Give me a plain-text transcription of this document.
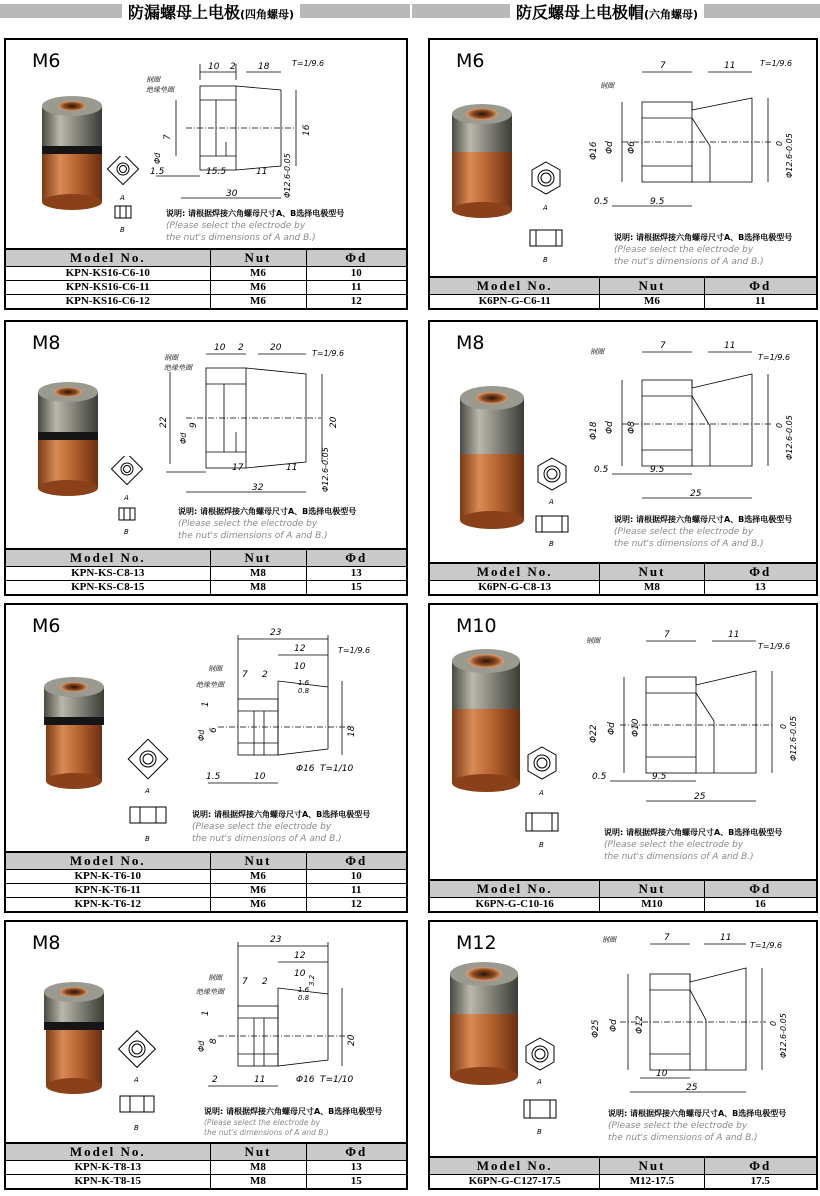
防漏螺母上电极(四角螺母)	防反螺母上电极帽(六角螺母)
M6
A
B
10 2 18	T=1/9.6
钢圈
绝缘垫圈
16
7
Φd
1.5	15.5	11
30	Φ12.6-0.05
说明: 请根据焊接六角螺母尺寸A、B选择电极型号
(Please select the electrode by
the nut's dimensions of A and B.)
Model No.	Nut	Φd
KPN-KS16-C6-10	M6	10
KPN-KS16-C6-11	M6	11
KPN-KS16-C6-12	M6	12
M8
A
B
10 2	20
T=1/9.6
钢圈
绝缘垫圈
22 9
Φd
20
17	11
32	Φ12.6-0.05
说明: 请根据焊接六角螺母尺寸A、B选择电极型号
(Please select the electrode by
the nut's dimensions of A and B.)
Model No.	Nut	Φd
KPN-KS-C8-13	M8	13
KPN-KS-C8-15	M8	15
M6
A
B
23
12
7 2
10
T=1/9.6
钢圈
绝缘垫圈	1.6
0.8
6
Φd
1
18
1.5	10
Φ16 T=1/10
说明: 请根据焊接六角螺母尺寸A、B选择电极型号
(Please select the electrode by
the nut's dimensions of A and B.)
Model No.	Nut	Φd
KPN-K-T6-10	M6	10
KPN-K-T6-11	M6	11
KPN-K-T6-12	M6	12
M8
A
B
23
12
7 2
10
3.2
钢圈
绝缘垫圈	1.6
0.8
8
Φd
1
20
2	11	Φ16 T=1/10
说明: 请根据焊接六角螺母尺寸A、B选择电极型号
(Please select the electrode by
the nut's dimensions of A and B.)
Model No.	Nut	Φd
KPN-K-T8-13	M8	13
KPN-K-T8-15	M8	15
M6
A
B
7	11	T=1/9.6
钢圈
Φ16 Φd Φ6	0 Φ12.6-0.05
0.5	9.5
说明: 请根据焊接六角螺母尺寸A、B选择电极型号
(Please select the electrode by
the nut's dimensions of A and B.)
Model No.	Nut	Φd
K6PN-G-C6-11	M6	11
M8
A
B
7	11
T=1/9.6
钢圈
Φ18 Φd Φ8	0 Φ12.6-0.05
0.5	9.5
25
说明: 请根据焊接六角螺母尺寸A、B选择电极型号
(Please select the electrode by
the nut's dimensions of A and B.)
Model No.	Nut	Φd
K6PN-G-C8-13	M8	13
M10
A
B
7	11
T=1/9.6
钢圈
Φ22 Φd Φ10	0 Φ12.6-0.05
0.5	9.5
25
说明: 请根据焊接六角螺母尺寸A、B选择电极型号
(Please select the electrode by
the nut's dimensions of A and B.)
Model No.	Nut	Φd
K6PN-G-C10-16	M10	16
M12
A
B
7	11
T=1/9.6
钢圈
Φ25 Φd Φ12	0 Φ12.6-0.05
10
25
说明: 请根据焊接六角螺母尺寸A、B选择电极型号
(Please select the electrode by
the nut's dimensions of A and B.)
Model No.	Nut	Φd
K6PN-G-C127-17.5	M12-17.5	17.5
